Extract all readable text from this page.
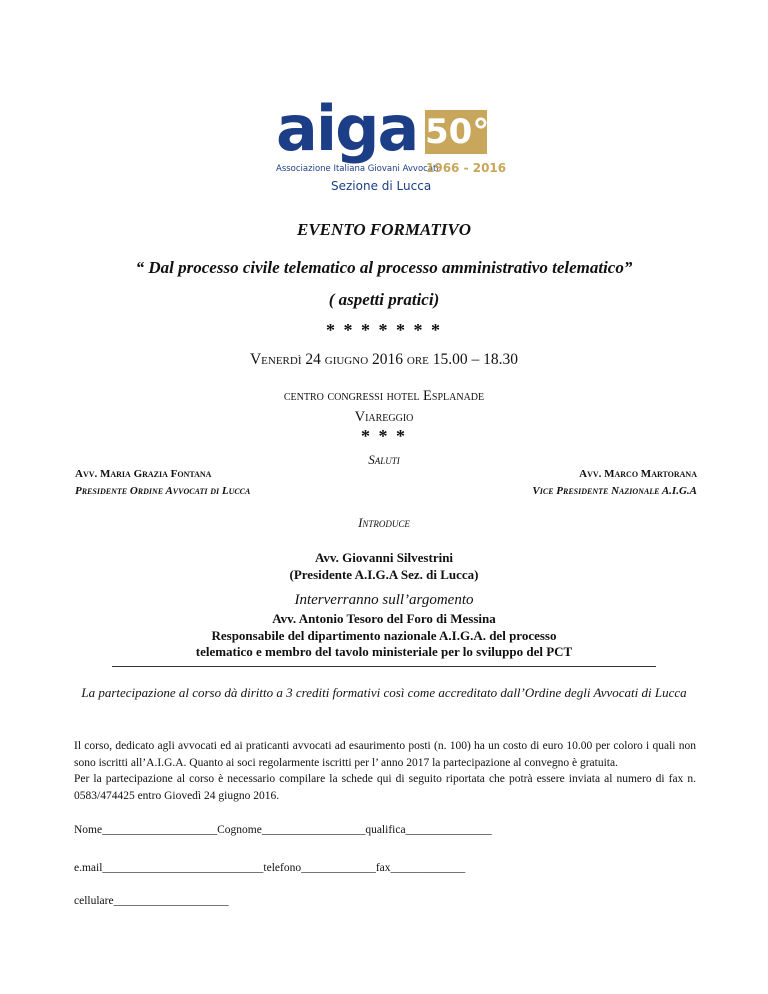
aiga 50°
Associazione Italiana Giovani Avvocati
1966 - 2016
Sezione di Lucca
EVENTO FORMATIVO
“ Dal processo civile telematico al processo amministrativo telematico”
( aspetti pratici)
* * * * * * *
Venerdì 24 giugno 2016 ore 15.00 – 18.30
centro congressi hotel Esplanade
Viareggio
* * *
Saluti
Avv. Maria Grazia Fontana
Presidente Ordine Avvocati di Lucca
Avv. Marco Martorana
Vice Presidente Nazionale A.I.G.A
Introduce
Avv. Giovanni Silvestrini
(Presidente A.I.G.A Sez. di Lucca)
Interverranno sull’argomento
Avv. Antonio Tesoro del Foro di Messina
Responsabile del dipartimento nazionale A.I.G.A. del processo
telematico e membro del tavolo ministeriale per lo sviluppo del PCT
La partecipazione al corso dà diritto a 3 crediti formativi così come accreditato dall’Ordine degli Avvocati di Lucca

Il corso, dedicato agli avvocati ed ai praticanti avvocati ad esaurimento posti (n. 100) ha un costo di euro 10.00 per coloro i quali non sono iscritti all’A.I.G.A. Quanto ai soci regolarmente iscritti per l’ anno 2017 la partecipazione al convegno è gratuita.

Per la partecipazione al corso è necessario compilare la schede qui di seguito riportata che potrà essere inviata al numero di fax n. 0583/474425 entro Giovedì 24 giugno 2016.

Nome____________________Cognome__________________qualifica_______________
e.mail____________________________telefono_____________fax_____________
cellulare____________________
